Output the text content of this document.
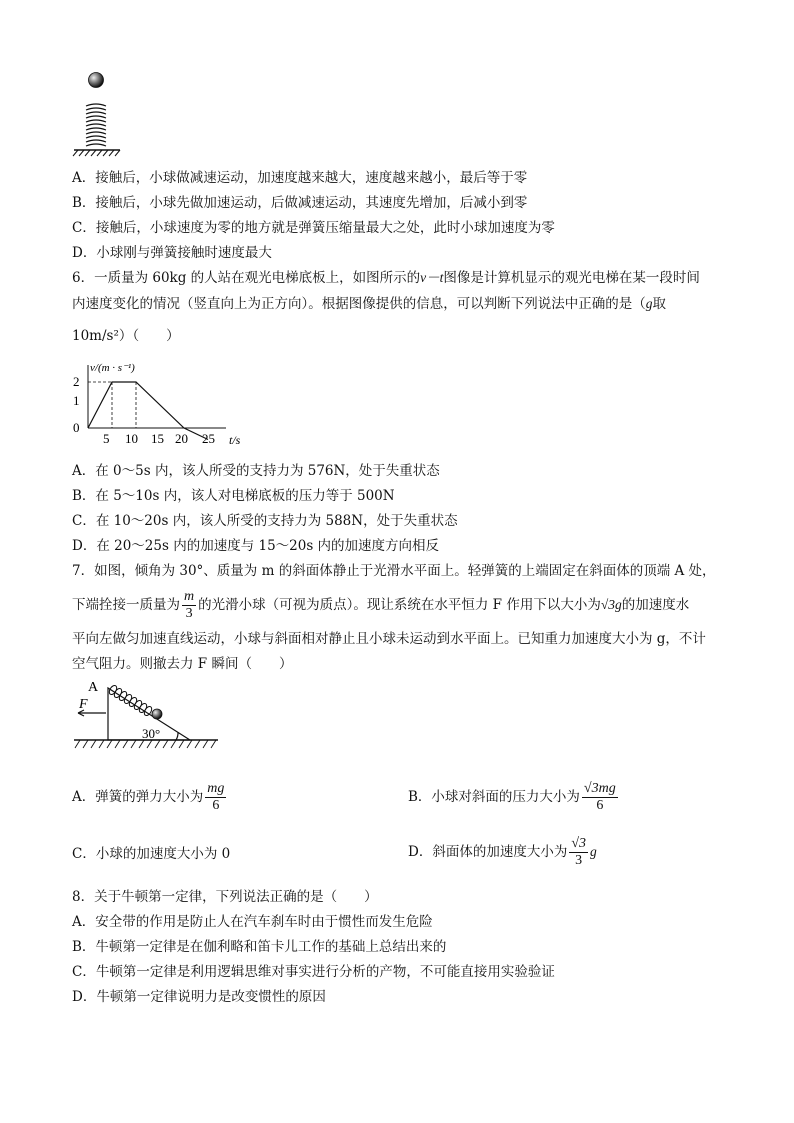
A．接触后，小球做减速运动，加速度越来越大，速度越来越小，最后等于零
B．接触后，小球先做加速运动，后做减速运动，其速度先增加，后减小到零
C．接触后，小球速度为零的地方就是弹簧压缩量最大之处，此时小球加速度为零
D．小球刚与弹簧接触时速度最大
6．一质量为 60kg 的人站在观光电梯底板上，如图所示的v－t图像是计算机显示的观光电梯在某一段时间
内速度变化的情况（竖直向上为正方向）。根据图像提供的信息，可以判断下列说法中正确的是（g取
10m/s²）（　　）
v/(m · s⁻¹)
t/s
2
1
0
5 10 15 20 25
A．在 0～5s 内，该人所受的支持力为 576N，处于失重状态
B．在 5～10s 内，该人对电梯底板的压力等于 500N
C．在 10～20s 内，该人所受的支持力为 588N，处于失重状态
D．在 20～25s 内的加速度与 15～20s 内的加速度方向相反
7．如图，倾角为 30°、质量为 m 的斜面体静止于光滑水平面上。轻弹簧的上端固定在斜面体的顶端 A 处，
下端拴接一质量为 $\frac{m}{3}$ 的光滑小球（可视为质点）。现让系统在水平恒力 F 作用下以大小为√3g的加速度水
平向左做匀加速直线运动，小球与斜面相对静止且小球未运动到水平面上。已知重力加速度大小为 g，不计
空气阻力。则撤去力 F 瞬间（　　）
A
F
30°
A．弹簧的弹力大小为 $\frac{mg}{6}$	B．小球对斜面的压力大小为 $\frac{√3mg}{6}$
C．小球的加速度大小为 0	D．斜面体的加速度大小为 $\frac{√3}{3}$ g
8．关于牛顿第一定律，下列说法正确的是（　　）
A．安全带的作用是防止人在汽车刹车时由于惯性而发生危险
B．牛顿第一定律是在伽利略和笛卡儿工作的基础上总结出来的
C．牛顿第一定律是利用逻辑思维对事实进行分析的产物，不可能直接用实验验证
D．牛顿第一定律说明力是改变惯性的原因
